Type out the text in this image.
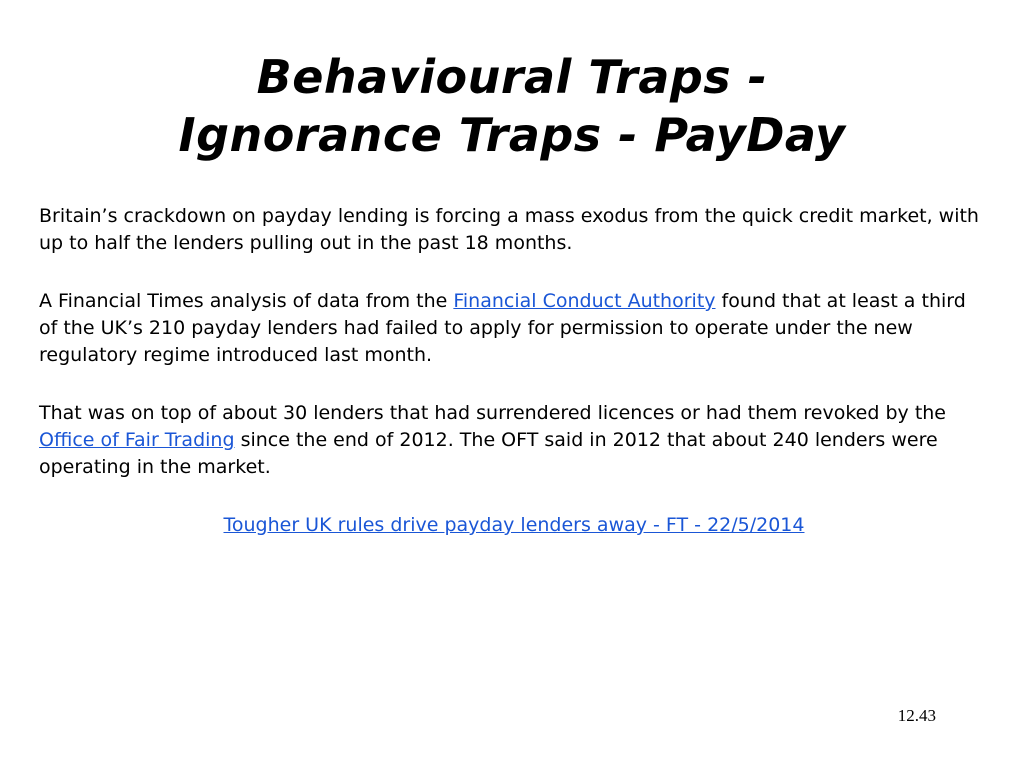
Behavioural Traps -
Ignorance Traps - PayDay

Britain’s crackdown on payday lending is forcing a mass exodus from the quick credit market, with up to half the lenders pulling out in the past 18 months.

A Financial Times analysis of data from the Financial Conduct Authority found that at least a third of the UK’s 210 payday lenders had failed to apply for permission to operate under the new regulatory regime introduced last month.

That was on top of about 30 lenders that had surrendered licences or had them revoked by the Office of Fair Trading since the end of 2012. The OFT said in 2012 that about 240 lenders were operating in the market.

Tougher UK rules drive payday lenders away - FT - 22/5/2014

12.43
